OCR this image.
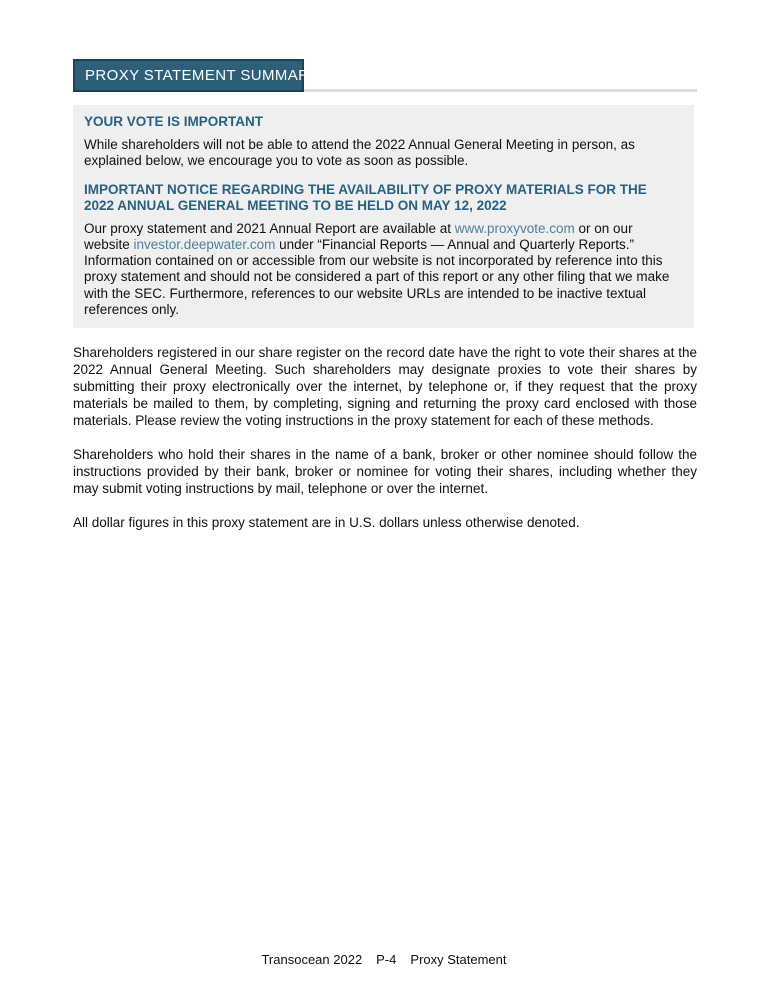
PROXY STATEMENT SUMMARY
YOUR VOTE IS IMPORTANT

While shareholders will not be able to attend the 2022 Annual General Meeting in person, as explained below, we encourage you to vote as soon as possible.

IMPORTANT NOTICE REGARDING THE AVAILABILITY OF PROXY MATERIALS FOR THE
2022 ANNUAL GENERAL MEETING TO BE HELD ON MAY 12, 2022

Our proxy statement and 2021 Annual Report are available at www.proxyvote.com or on our website investor.deepwater.com under “Financial Reports — Annual and Quarterly Reports.” Information contained on or accessible from our website is not incorporated by reference into this proxy statement and should not be considered a part of this report or any other filing that we make with the SEC. Furthermore, references to our website URLs are intended to be inactive textual references only.

Shareholders registered in our share register on the record date have the right to vote their shares at the 2022 Annual General Meeting. Such shareholders may designate proxies to vote their shares by submitting their proxy electronically over the internet, by telephone or, if they request that the proxy materials be mailed to them, by completing, signing and returning the proxy card enclosed with those materials. Please review the voting instructions in the proxy statement for each of these methods.

Shareholders who hold their shares in the name of a bank, broker or other nominee should follow the instructions provided by their bank, broker or nominee for voting their shares, including whether they may submit voting instructions by mail, telephone or over the internet.

All dollar figures in this proxy statement are in U.S. dollars unless otherwise denoted.

Transocean 2022 P-4 Proxy Statement
